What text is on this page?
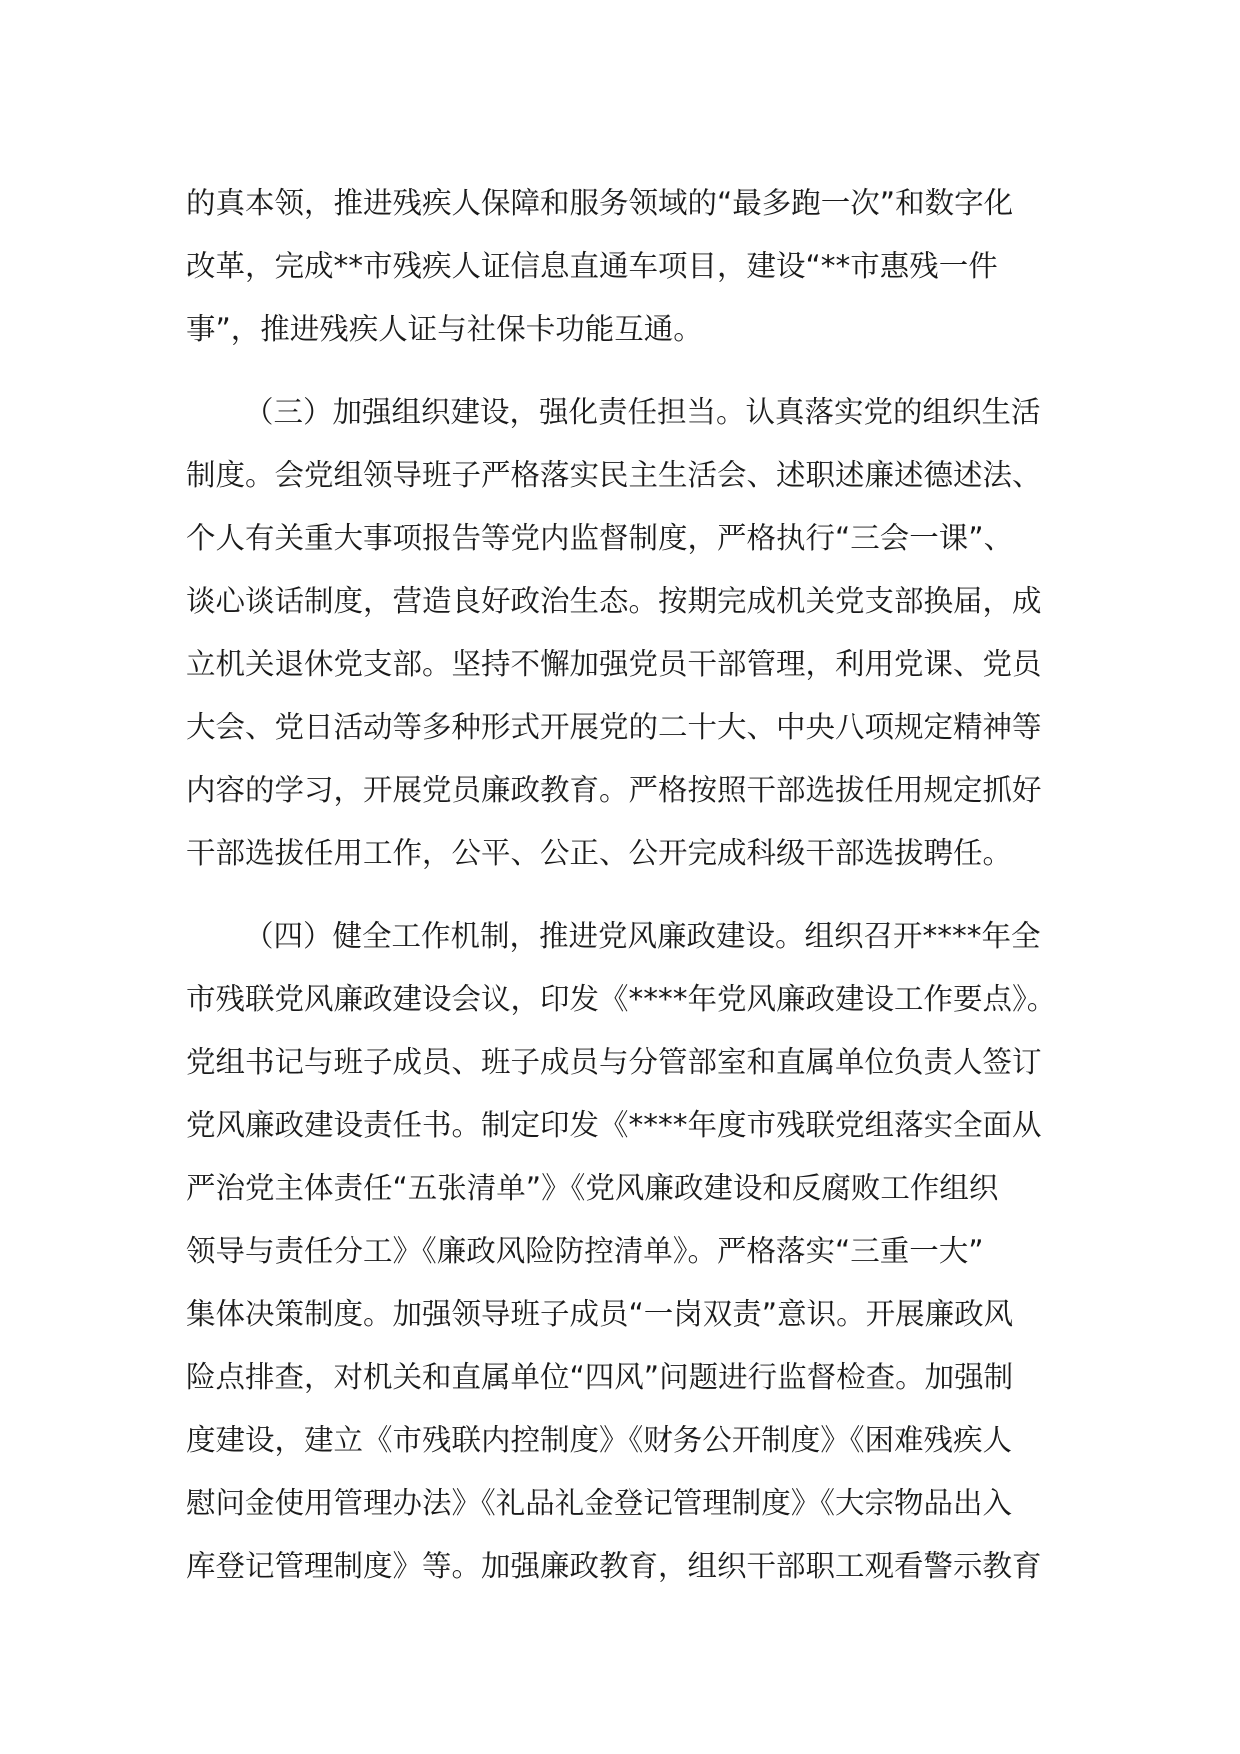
的真本领，推进残疾人保障和服务领域的“最多跑一次”和数字化
改革，完成**市残疾人证信息直通车项目，建设“**市惠残一件
事”，推进残疾人证与社保卡功能互通。
（三）加强组织建设，强化责任担当。认真落实党的组织生活
制度。会党组领导班子严格落实民主生活会、述职述廉述德述法、
个人有关重大事项报告等党内监督制度，严格执行“三会一课”、
谈心谈话制度，营造良好政治生态。按期完成机关党支部换届，成
立机关退休党支部。坚持不懈加强党员干部管理，利用党课、党员
大会、党日活动等多种形式开展党的二十大、中央八项规定精神等
内容的学习，开展党员廉政教育。严格按照干部选拔任用规定抓好
干部选拔任用工作，公平、公正、公开完成科级干部选拔聘任。
（四）健全工作机制，推进党风廉政建设。组织召开****年全
市残联党风廉政建设会议，印发《****年党风廉政建设工作要点》。
党组书记与班子成员、班子成员与分管部室和直属单位负责人签订
党风廉政建设责任书。制定印发《****年度市残联党组落实全面从
严治党主体责任“五张清单”》《党风廉政建设和反腐败工作组织
领导与责任分工》《廉政风险防控清单》。严格落实“三重一大”
集体决策制度。加强领导班子成员“一岗双责”意识。开展廉政风
险点排查，对机关和直属单位“四风”问题进行监督检查。加强制
度建设，建立《市残联内控制度》《财务公开制度》《困难残疾人
慰问金使用管理办法》《礼品礼金登记管理制度》《大宗物品出入
库登记管理制度》等。加强廉政教育，组织干部职工观看警示教育
